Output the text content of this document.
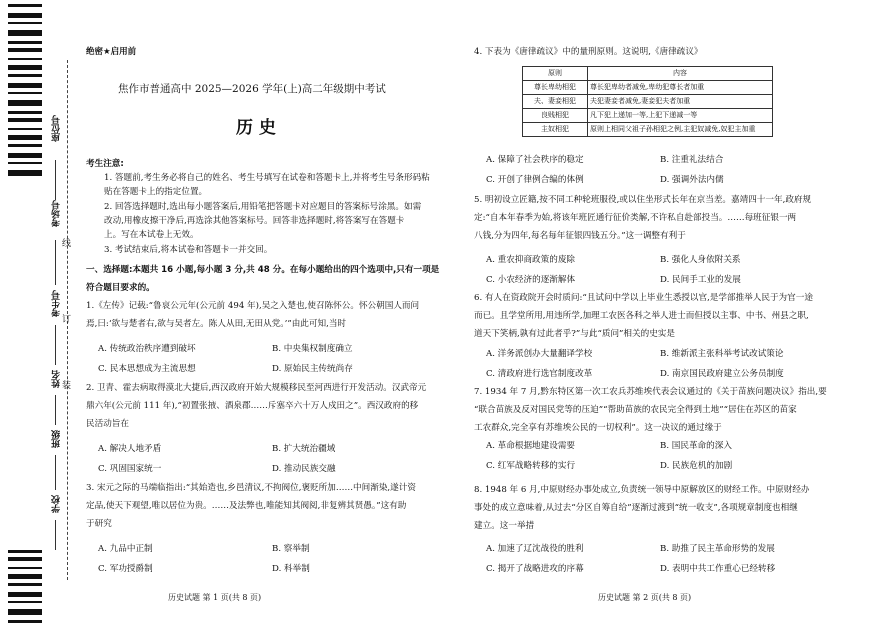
座位号
考场号
考生号
姓名
班级
学校
线
订
装
绝密★启用前
焦作市普通高中 2025—2026 学年(上)高二年级期中考试
历 史
考生注意:
1. 答题前,考生务必将自己的姓名、考生号填写在试卷和答题卡上,并将考生号条形码粘
贴在答题卡上的指定位置。
2. 回答选择题时,选出每小题答案后,用铅笔把答题卡对应题目的答案标号涂黑。如需
改动,用橡皮擦干净后,再选涂其他答案标号。回答非选择题时,将答案写在答题卡
上。写在本试卷上无效。
3. 考试结束后,将本试卷和答题卡一并交回。
一、选择题:本题共 16 小题,每小题 3 分,共 48 分。在每小题给出的四个选项中,只有一项是
符合题目要求的。
1.《左传》记载:“鲁哀公元年(公元前 494 年),吴之入楚也,使召陈怀公。怀公朝国人而问
焉,曰:‘欲与楚者右,欲与吴者左。陈人从田,无田从党。’”由此可知,当时
A. 传统政治秩序遭到破坏	B. 中央集权制度确立
C. 民本思想成为主流思想	D. 原始民主传统尚存
2. 卫青、霍去病取得漠北大捷后,西汉政府开始大规模移民至河西进行开发活动。汉武帝元
鼎六年(公元前 111 年),“初置张掖、酒泉郡……斥塞卒六十万人戍田之”。西汉政府的移
民活动旨在
A. 解决人地矛盾	B. 扩大统治疆域
C. 巩固国家统一	D. 推动民族交融
3. 宋元之际的马端临指出:“其始造也,乡邑清议,不拘阀位,褒贬所加……中间渐染,遂计资
定品,使天下观望,唯以居位为贵。……及法弊也,唯能知其阀阅,非复辨其贤愚。”这有助
于研究
A. 九品中正制	B. 察举制
C. 军功授爵制	D. 科举制
历史试题 第 1 页(共 8 页)
4. 下表为《唐律疏议》中的量刑原则。这说明,《唐律疏议》
原则	内容
尊长卑幼相犯	尊长犯卑幼者减免,卑幼犯尊长者加重
夫、妻妾相犯	夫犯妻妾者减免,妻妾犯夫者加重
良贱相犯	凡下犯上递加一等,上犯下递减一等
主奴相犯	原则上相同父祖子孙相犯之例,主犯奴减免,奴犯主加重
A. 保障了社会秩序的稳定	B. 注重礼法结合
C. 开创了律例合编的体例	D. 强调外法内儒
5. 明初设立匠籍,按不同工种轮班服役,或以住坐形式长年在京当差。嘉靖四十一年,政府规
定:“自本年春季为始,将该年班匠通行征价类解,不许私自赴部投当。……每班征银一两
八钱,分为四年,每名每年征银四钱五分。”这一调整有利于
A. 重农抑商政策的废除	B. 强化人身依附关系
C. 小农经济的逐渐解体	D. 民间手工业的发展
6. 有人在资政院开会时质问:“且试问中学以上毕业生悉授以官,是学部推举人民于为官一途
而已。且学堂所用,用违所学,加理工农医各科之举人进士而但授以主事、中书、州县之职,
道天下笑柄,孰有过此者乎?”与此“质问”相关的史实是
A. 洋务派创办大量翻译学校	B. 维新派主张科举考试改试策论
C. 清政府进行选官制度改革	D. 南京国民政府建立公务员制度
7. 1934 年 7 月,黔东特区第一次工农兵苏维埃代表会议通过的《关于苗族问题决议》指出,要
“联合苗族及反对国民党等的压迫”“帮助苗族的农民完全得到土地”“居住在苏区的苗家
工农群众,完全享有苏维埃公民的一切权利”。这一决议的通过缘于
A. 革命根据地建设需要	B. 国民革命的深入
C. 红军战略转移的实行	D. 民族危机的加剧
8. 1948 年 6 月,中原财经办事处成立,负责统一领导中原解放区的财经工作。中原财经办
事处的成立意味着,从过去“分区自筹自给”逐渐过渡到“统一收支”,各项规章制度也相继
建立。这一举措
A. 加速了辽沈战役的胜利	B. 助推了民主革命形势的发展
C. 揭开了战略进攻的序幕	D. 表明中共工作重心已经转移
历史试题 第 2 页(共 8 页)
